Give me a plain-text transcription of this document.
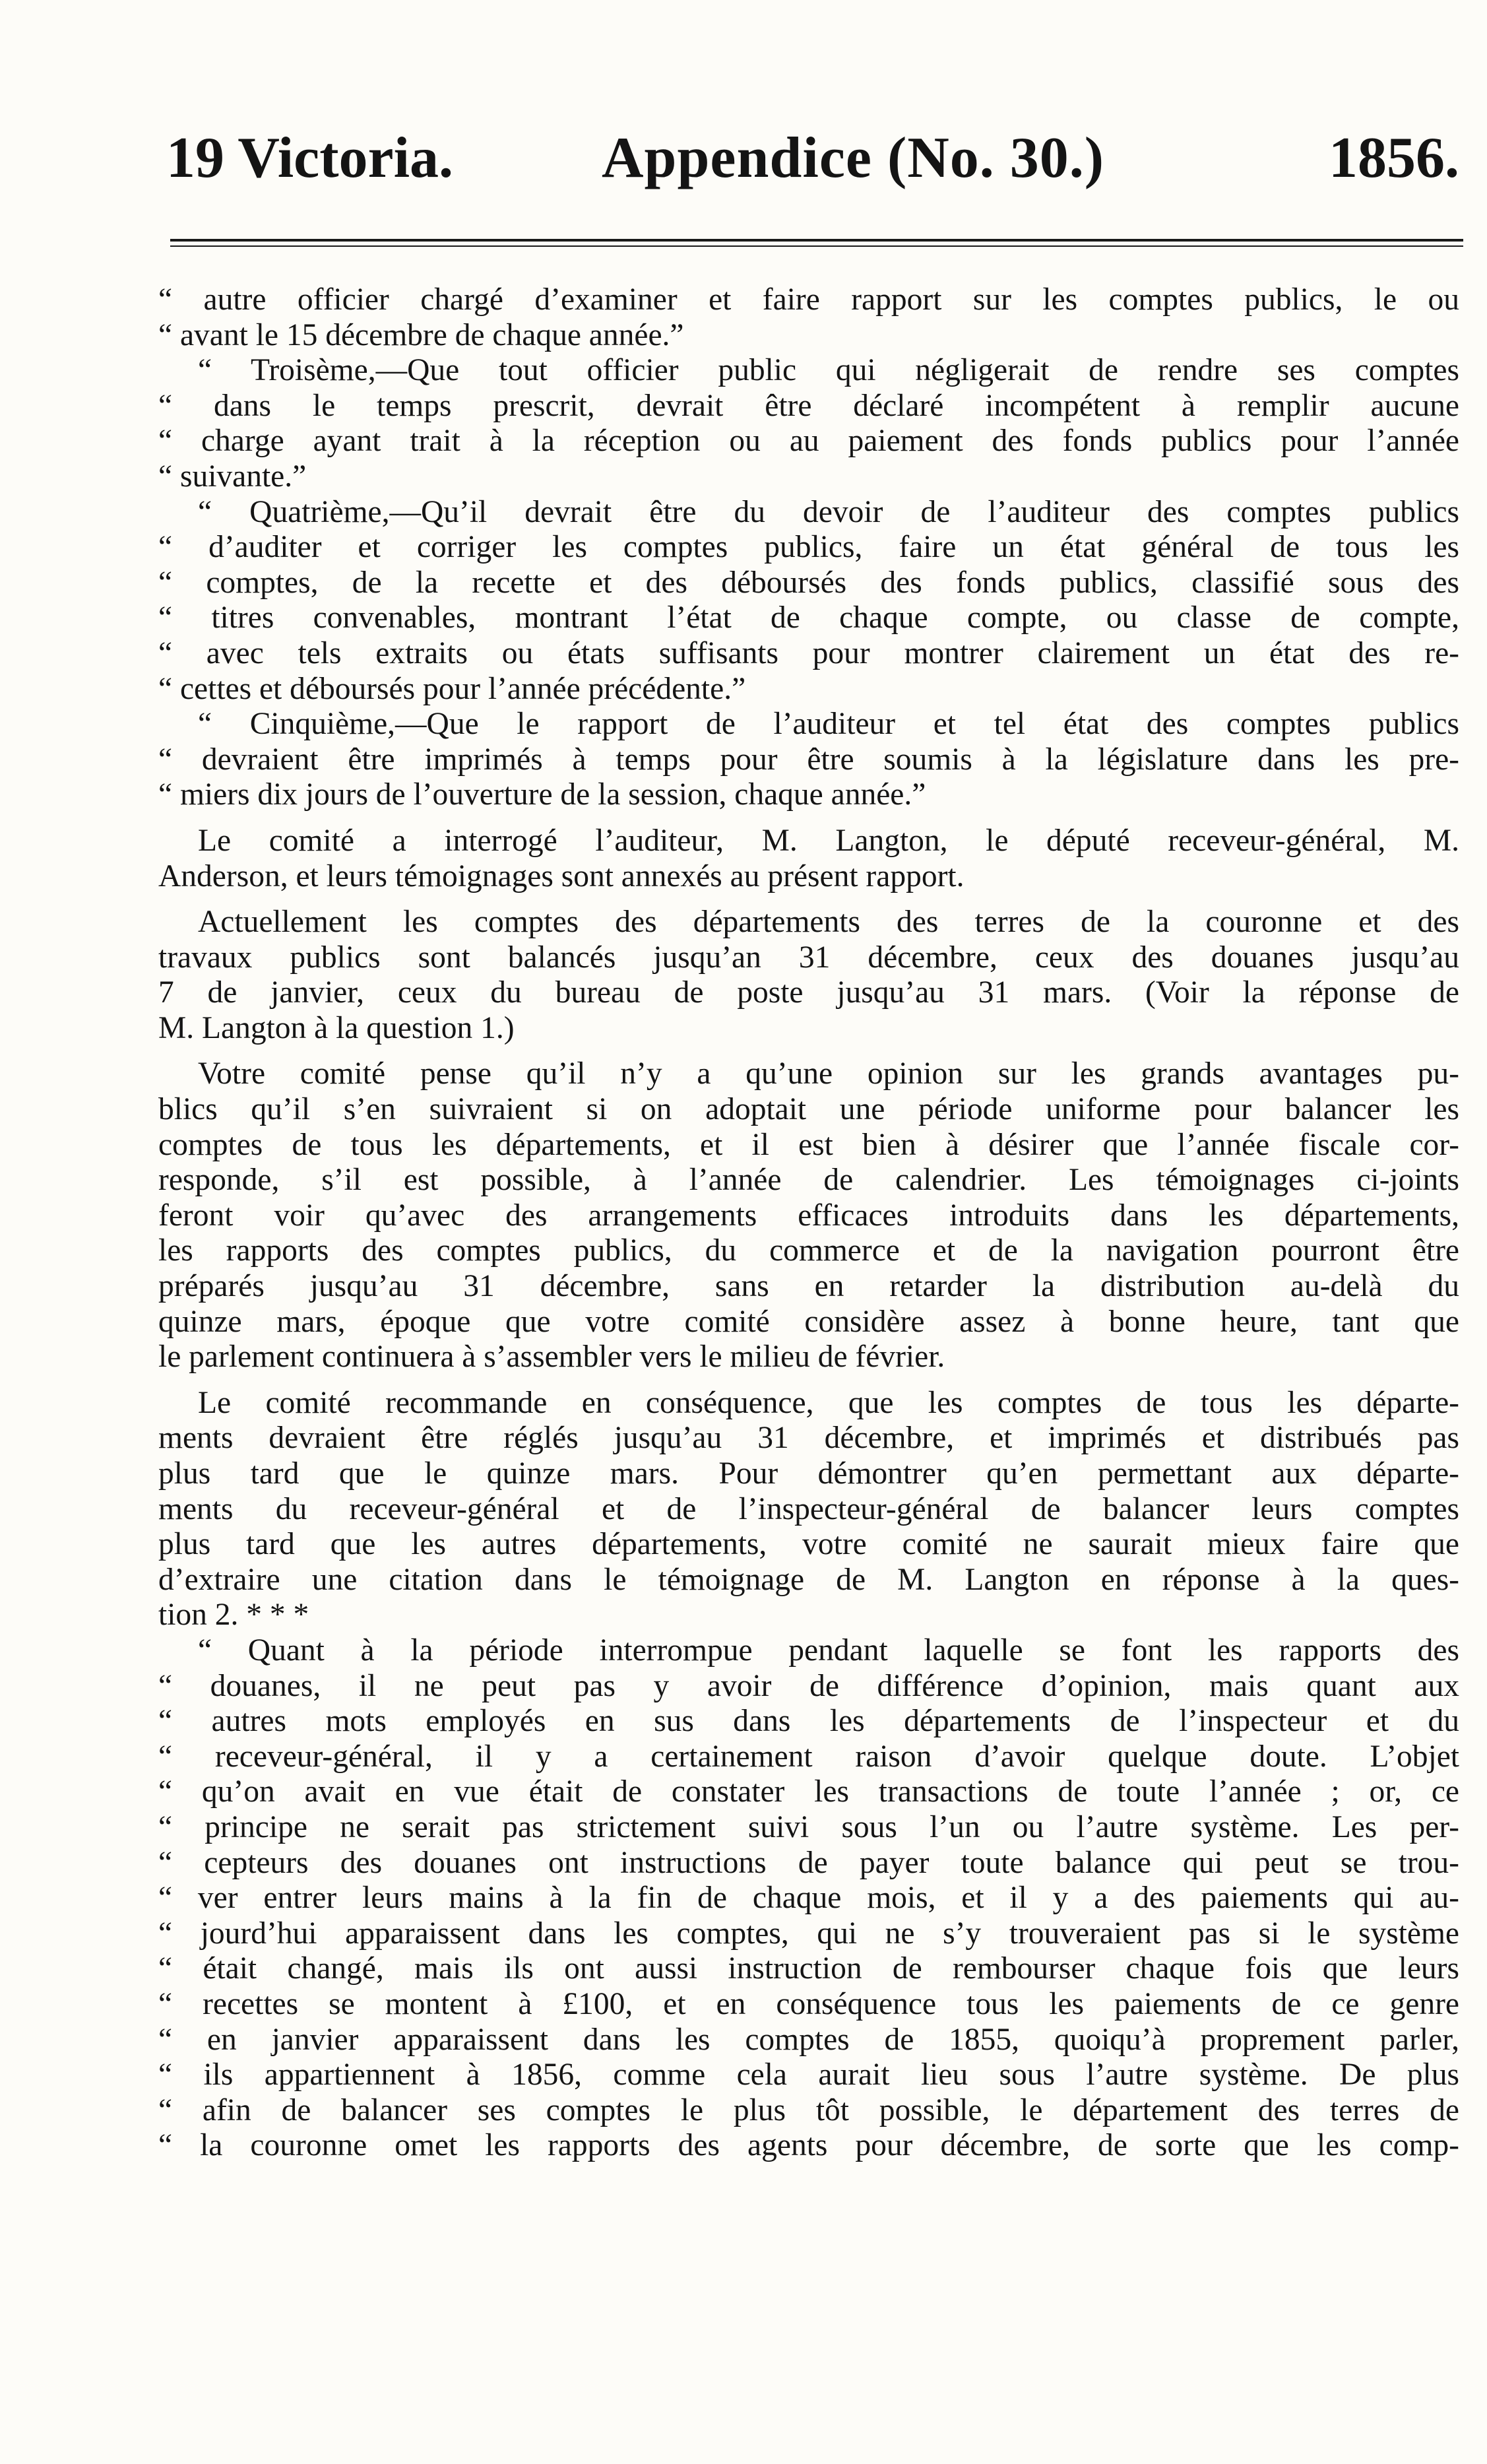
19 Victoria.	Appendice (No. 30.)	1856.
“ autre officier chargé d’examiner et faire rapport sur les comptes publics, le ou
“ avant le 15 décembre de chaque année.”
“ Troisème,—Que tout officier public qui négligerait de rendre ses comptes
“ dans le temps prescrit, devrait être déclaré incompétent à remplir aucune
“ charge ayant trait à la réception ou au paiement des fonds publics pour l’année
“ suivante.”
“ Quatrième,—Qu’il devrait être du devoir de l’auditeur des comptes publics
“ d’auditer et corriger les comptes publics, faire un état général de tous les
“ comptes, de la recette et des déboursés des fonds publics, classifié sous des
“ titres convenables, montrant l’état de chaque compte, ou classe de compte,
“ avec tels extraits ou états suffisants pour montrer clairement un état des re-
“ cettes et déboursés pour l’année précédente.”
“ Cinquième,—Que le rapport de l’auditeur et tel état des comptes publics
“ devraient être imprimés à temps pour être soumis à la législature dans les pre-
“ miers dix jours de l’ouverture de la session, chaque année.”
Le comité a interrogé l’auditeur, M. Langton, le député receveur-général, M.
Anderson, et leurs témoignages sont annexés au présent rapport.
Actuellement les comptes des départements des terres de la couronne et des
travaux publics sont balancés jusqu’an 31 décembre, ceux des douanes jusqu’au
7 de janvier, ceux du bureau de poste jusqu’au 31 mars. (Voir la réponse de
M. Langton à la question 1.)
Votre comité pense qu’il n’y a qu’une opinion sur les grands avantages pu-
blics qu’il s’en suivraient si on adoptait une période uniforme pour balancer les
comptes de tous les départements, et il est bien à désirer que l’année fiscale cor-
responde, s’il est possible, à l’année de calendrier. Les témoignages ci-joints
feront voir qu’avec des arrangements efficaces introduits dans les départements,
les rapports des comptes publics, du commerce et de la navigation pourront être
préparés jusqu’au 31 décembre, sans en retarder la distribution au-delà du
quinze mars, époque que votre comité considère assez à bonne heure, tant que
le parlement continuera à s’assembler vers le milieu de février.
Le comité recommande en conséquence, que les comptes de tous les départe-
ments devraient être réglés jusqu’au 31 décembre, et imprimés et distribués pas
plus tard que le quinze mars. Pour démontrer qu’en permettant aux départe-
ments du receveur-général et de l’inspecteur-général de balancer leurs comptes
plus tard que les autres départements, votre comité ne saurait mieux faire que
d’extraire une citation dans le témoignage de M. Langton en réponse à la ques-
tion 2. * * *
“ Quant à la période interrompue pendant laquelle se font les rapports des
“ douanes, il ne peut pas y avoir de différence d’opinion, mais quant aux
“ autres mots employés en sus dans les départements de l’inspecteur et du
“ receveur-général, il y a certainement raison d’avoir quelque doute. L’objet
“ qu’on avait en vue était de constater les transactions de toute l’année ; or, ce
“ principe ne serait pas strictement suivi sous l’un ou l’autre système. Les per-
“ cepteurs des douanes ont instructions de payer toute balance qui peut se trou-
“ ver entrer leurs mains à la fin de chaque mois, et il y a des paiements qui au-
“ jourd’hui apparaissent dans les comptes, qui ne s’y trouveraient pas si le système
“ était changé, mais ils ont aussi instruction de rembourser chaque fois que leurs
“ recettes se montent à £100, et en conséquence tous les paiements de ce genre
“ en janvier apparaissent dans les comptes de 1855, quoiqu’à proprement parler,
“ ils appartiennent à 1856, comme cela aurait lieu sous l’autre système. De plus
“ afin de balancer ses comptes le plus tôt possible, le département des terres de
“ la couronne omet les rapports des agents pour décembre, de sorte que les comp-
